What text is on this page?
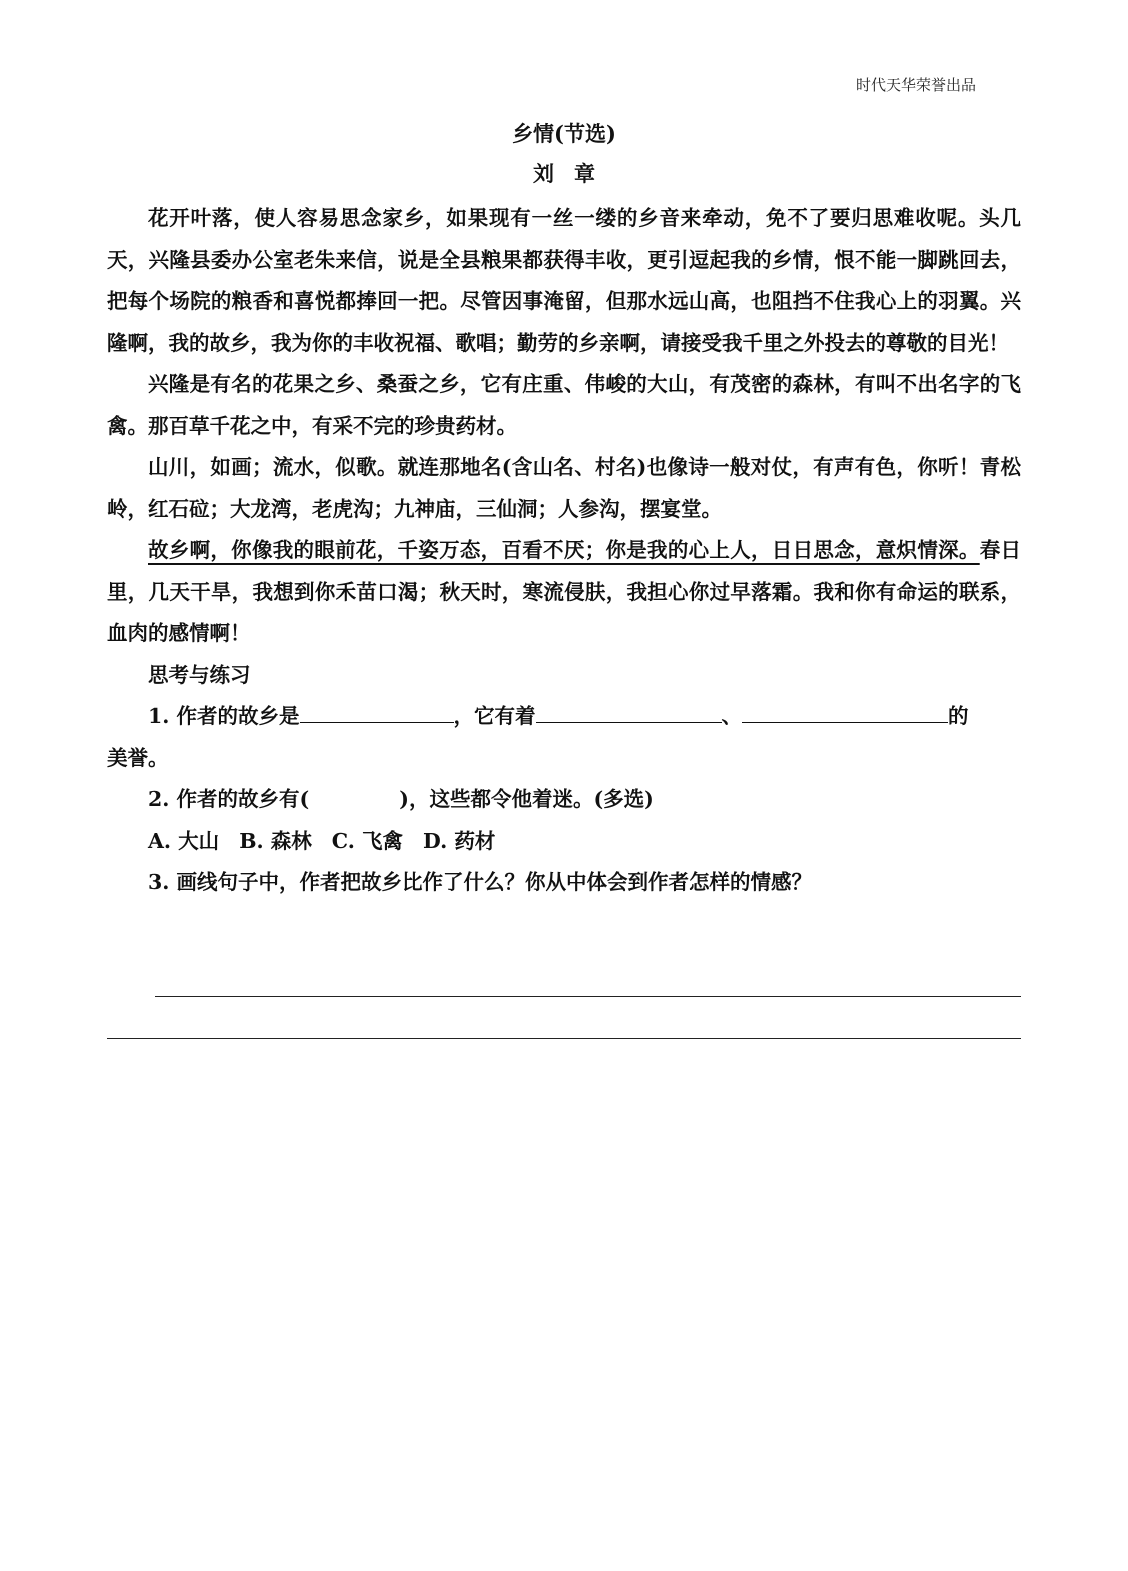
时代天华荣誉出品
乡情(节选)
刘章

花开叶落，使人容易思念家乡，如果现有一丝一缕的乡音来牵动，免不了要归思难收呢。头几天，兴隆县委办公室老朱来信，说是全县粮果都获得丰收，更引逗起我的乡情，恨不能一脚跳回去，把每个场院的粮香和喜悦都捧回一把。尽管因事淹留，但那水远山高，也阻挡不住我心上的羽翼。兴隆啊，我的故乡，我为你的丰收祝福、歌唱；勤劳的乡亲啊，请接受我千里之外投去的尊敬的目光！

兴隆是有名的花果之乡、桑蚕之乡，它有庄重、伟峻的大山，有茂密的森林，有叫不出名字的飞禽。那百草千花之中，有采不完的珍贵药材。

山川，如画；流水，似歌。就连那地名(含山名、村名)也像诗一般对仗，有声有色，你听！青松岭，红石砬；大龙湾，老虎沟；九神庙，三仙洞；人参沟，摆宴堂。

故乡啊，你像我的眼前花，千姿万态，百看不厌；你是我的心上人，日日思念，意炽情深。春日里，几天干旱，我想到你禾苗口渴；秋天时，寒流侵肤，我担心你过早落霜。我和你有命运的联系，血肉的感情啊！

思考与练习
1. 作者的故乡是	，它有着	、	的
美誉。
2. 作者的故乡有(	)，这些都令他着迷。(多选)
A. 大山 B. 森林 C. 飞禽 D. 药材
3. 画线句子中，作者把故乡比作了什么？你从中体会到作者怎样的情感？
